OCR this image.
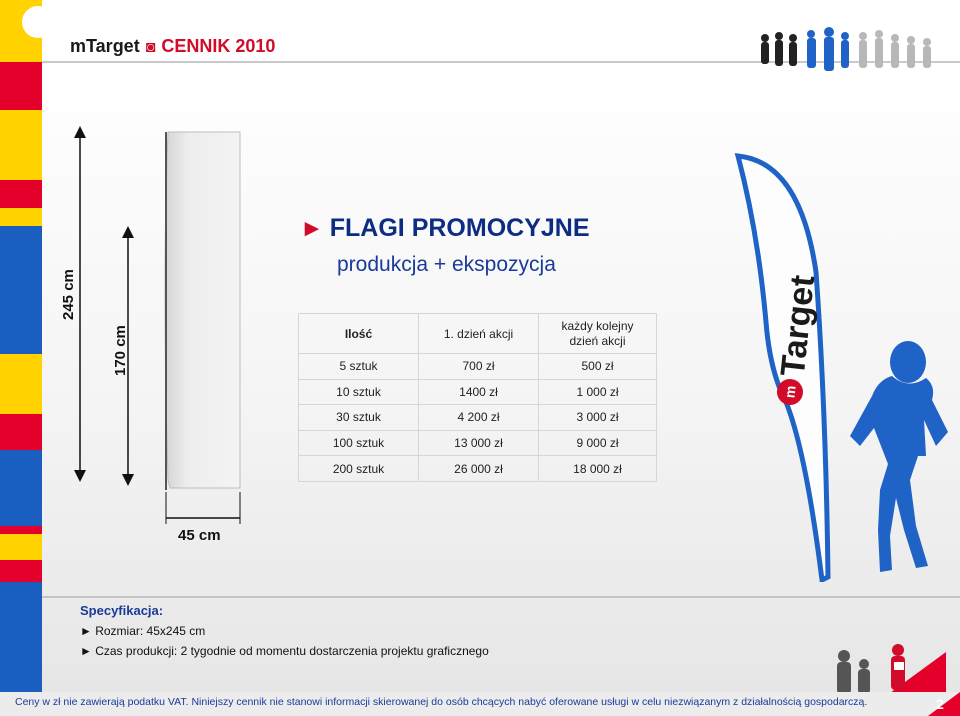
mTarget ◙ CENNIK 2010
245 cm
170 cm
45 cm
► FLAGI PROMOCYJNE
produkcja + ekspozycja
Ilość	1. dzień akcji	każdy kolejny
dzień akcji
5 sztuk	700 zł	500 zł
10 sztuk	1400 zł	1 000 zł
30 sztuk	4 200 zł	3 000 zł
100 sztuk	13 000 zł	9 000 zł
200 sztuk	26 000 zł	18 000 zł
m
Target
Specyfikacja:
► Rozmiar: 45x245 cm
► Czas produkcji: 2 tygodnie od momentu dostarczenia projektu graficznego
Ceny w zł nie zawierają podatku VAT. Niniejszy cennik nie stanowi informacji skierowanej do osób chcących nabyć oferowane usługi w celu niezwiązanym z działalnością gospodarczą.	2
